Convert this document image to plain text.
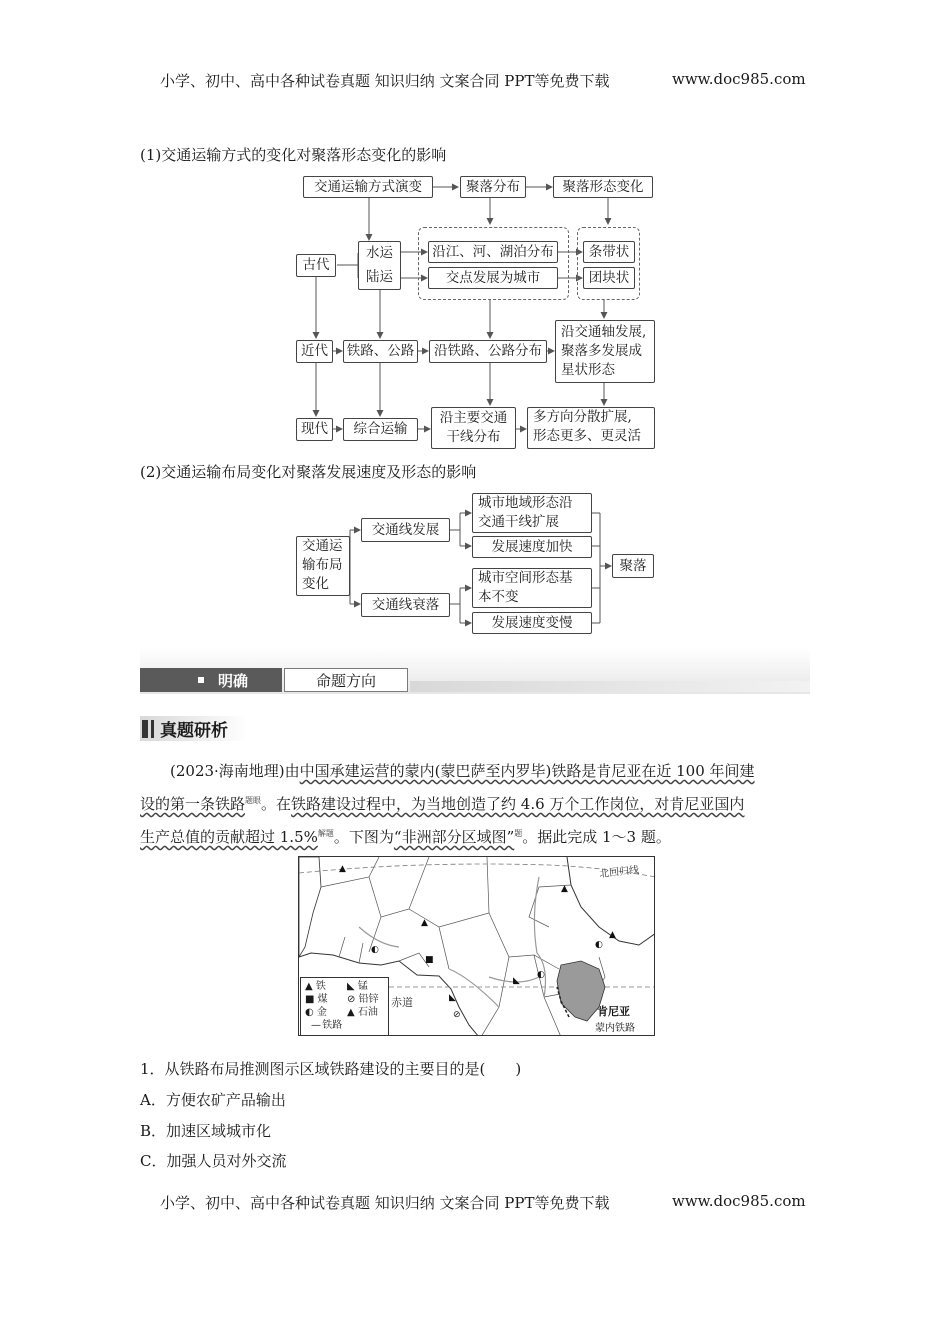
小学、初中、高中各种试卷真题 知识归纳 文案合同 PPT等免费下载	www.doc985.com
(1)交通运输方式的变化对聚落形态变化的影响
交通运输方式演变	聚落分布	聚落形态变化
古代
水运
陆运
沿江、河、湖泊分布
交点发展为城市
条带状
团块状
近代	铁路、公路	沿铁路、公路分布
沿交通轴发展,
聚落多发展成
星状形态
现代	综合运输
沿主要交通
干线分布
多方向分散扩展,
形态更多、更灵活
(2)交通运输布局变化对聚落发展速度及形态的影响
交通运
输布局
变化
交通线发展
交通线衰落
城市地域形态沿
交通干线扩展
发展速度加快
城市空间形态基
本不变
发展速度变慢
聚落
明确	命题方向
真题研析
(2023·海南地理)由中国承建运营的蒙内(蒙巴萨至内罗毕)铁路是肯尼亚在近 100 年间建
设的第一条铁路$^{题眼}$。在铁路建设过程中，为当地创造了约 4.6 万个工作岗位，对肯尼亚国内
生产总值的贡献超过 1.5%$^{解题}$。下图为“非洲部分区域图”$^题$。据此完成 1～3 题。
▲
▲
▲
▲
■
◐
◐
◐
◣
◣
⊘
北回归线
赤道
肯尼亚
蒙内铁路
▲ 铁 ◣ 锰
■ 煤 ⊘ 铅锌
◐ 金 ▲ 石油
— 铁路
1．从铁路布局推测图示区域铁路建设的主要目的是(　　)
A．方便农矿产品输出
B．加速区域城市化
C．加强人员对外交流
小学、初中、高中各种试卷真题 知识归纳 文案合同 PPT等免费下载	www.doc985.com
